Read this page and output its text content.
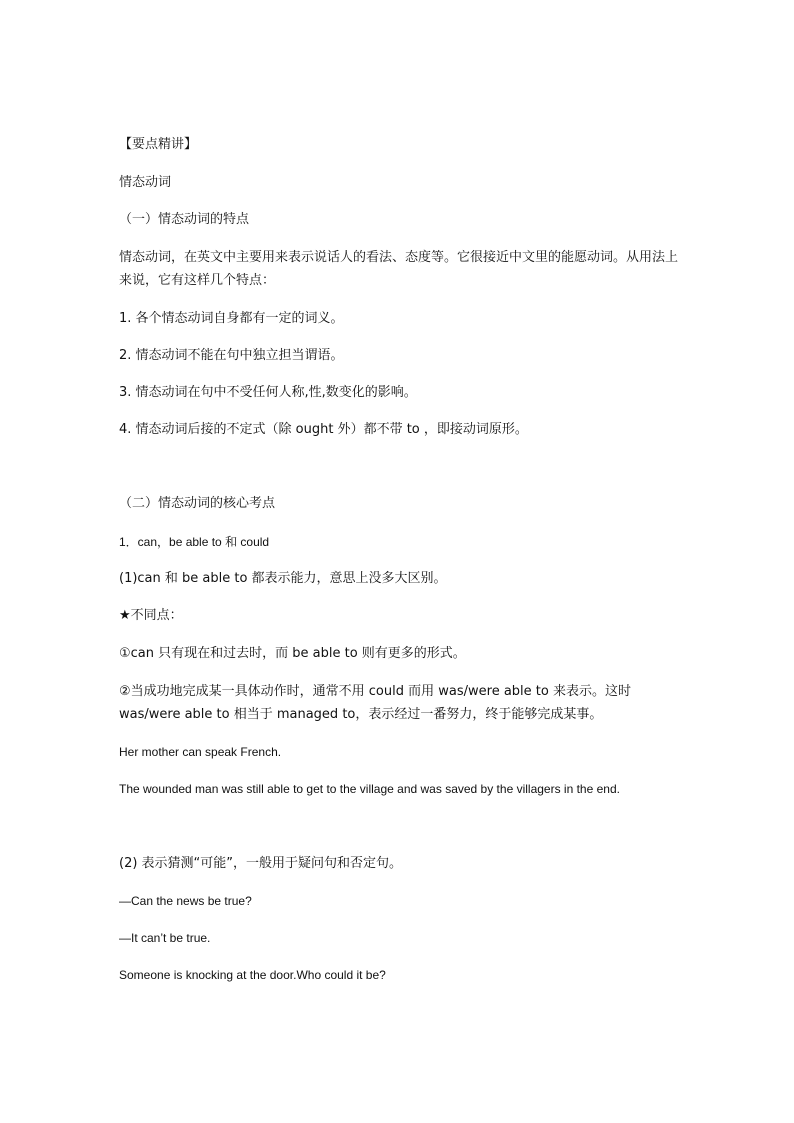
【要点精讲】
情态动词
（一）情态动词的特点
情态动词，在英文中主要用来表示说话人的看法、态度等。它很接近中文里的能愿动词。从用法上来说，它有这样几个特点：
1. 各个情态动词自身都有一定的词义。
2. 情态动词不能在句中独立担当谓语。
3. 情态动词在句中不受任何人称,性,数变化的影响。
4. 情态动词后接的不定式（除 ought 外）都不带 to ，即接动词原形。
（二）情态动词的核心考点
1．can，be able to 和 could
(1)can 和 be able to 都表示能力，意思上没多大区别。
★不同点：
①can 只有现在和过去时，而 be able to 则有更多的形式。
②当成功地完成某一具体动作时，通常不用 could 而用 was/were able to 来表示。这时 was/were able to 相当于 managed to，表示经过一番努力，终于能够完成某事。
Her mother can speak French.
The wounded man was still able to get to the village and was saved by the villagers in the end.
(2) 表示猜测“可能”，一般用于疑问句和否定句。
—Can the news be true?
—It can’t be true.
Someone is knocking at the door.Who could it be?
